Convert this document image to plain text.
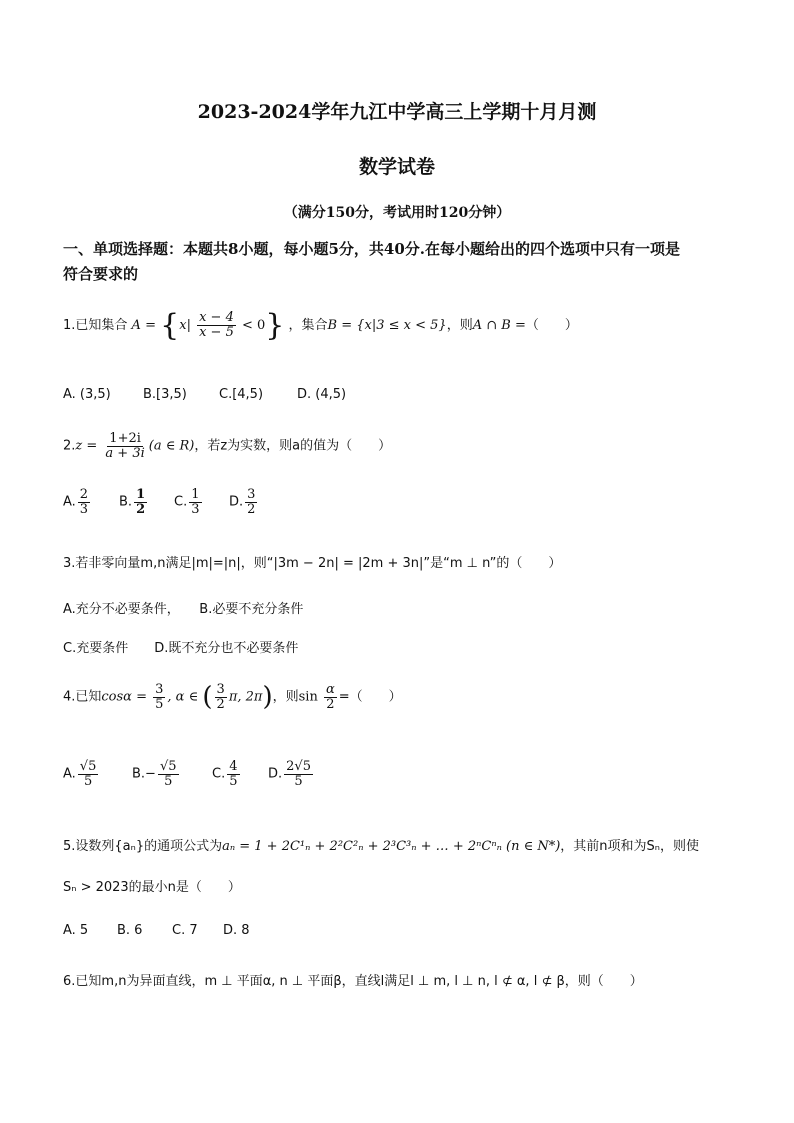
2023-2024学年九江中学高三上学期十月月测
数学试卷
（满分150分，考试用时120分钟）
一、单项选择题：本题共8小题，每小题5分，共40分.在每小题给出的四个选项中只有一项是
符合要求的
1.已知集合 $A = \{x| \frac{x - 4}{x - 5} < 0\}$ ，集合B = {x|3 ≤ x < 5}，则A ∩ B =（　　）
A. (3,5) B.[3,5) C.[4,5)	D. (4,5)
$2.z = \frac{1+2i}{a + 3i} (a$ ∈ R)，若z为实数，则a的值为（　　）
A. $\frac{2}{3} B$. $\frac{1}{2} C$. $\frac{1}{3} D$. $\frac{3}{2}$
3.若非零向量m,n满足|m|=|n|，则“|3m − 2n| = |2m + 3n|”是“m ⊥ n”的（　　）
A.充分不必要条件，　　B.必要不充分条件
C.充要条件　　D.既不充分也不必要条件
4.已知$\cos\alpha = \frac{3}{5}$ , α ∈ ( $\frac{3}{2} \pi$, 2π)，则$\sin \frac{\alpha}{2}$ =（　　）
A. $\frac{√5}{5}$	$B.- \frac{√5}{5}$	C. $\frac{4}{5} D$. $\frac{2√5}{5}$
5.设数列{aₙ}的通项公式为aₙ = 1 + 2C¹ₙ + 2²C²ₙ + 2³C³ₙ + … + 2ⁿCⁿₙ (n ∈ N*)，其前n项和为Sₙ，则使
Sₙ > 2023的最小n是（　　）
A. 5 B. 6 C. 7 D. 8
6.已知m,n为异面直线，m ⊥ 平面α, n ⊥ 平面β，直线l满足l ⊥ m, l ⊥ n, l ⊄ α, l ⊄ β，则（　　）
